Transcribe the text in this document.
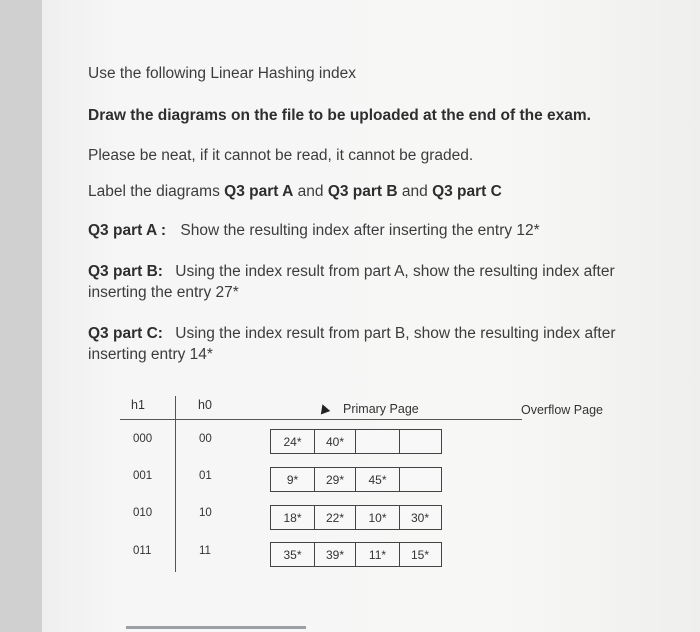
Use the following Linear Hashing index
Draw the diagrams on the file to be uploaded at the end of the exam.
Please be neat, if it cannot be read, it cannot be graded.
Label the diagrams Q3 part A and Q3 part B and Q3 part C
Q3 part A : Show the resulting index after inserting the entry 12*
Q3 part B: Using the index result from part A, show the resulting index after
inserting the entry 27*
Q3 part C: Using the index result from part B, show the resulting index after
inserting entry 14*
h1	h0	Primary Page	Overflow Page
000	00	24*	40*
001	01	9*	29*	45*
010	10	18*	22*	10*	30*
011	11	35*	39*	11*	15*
